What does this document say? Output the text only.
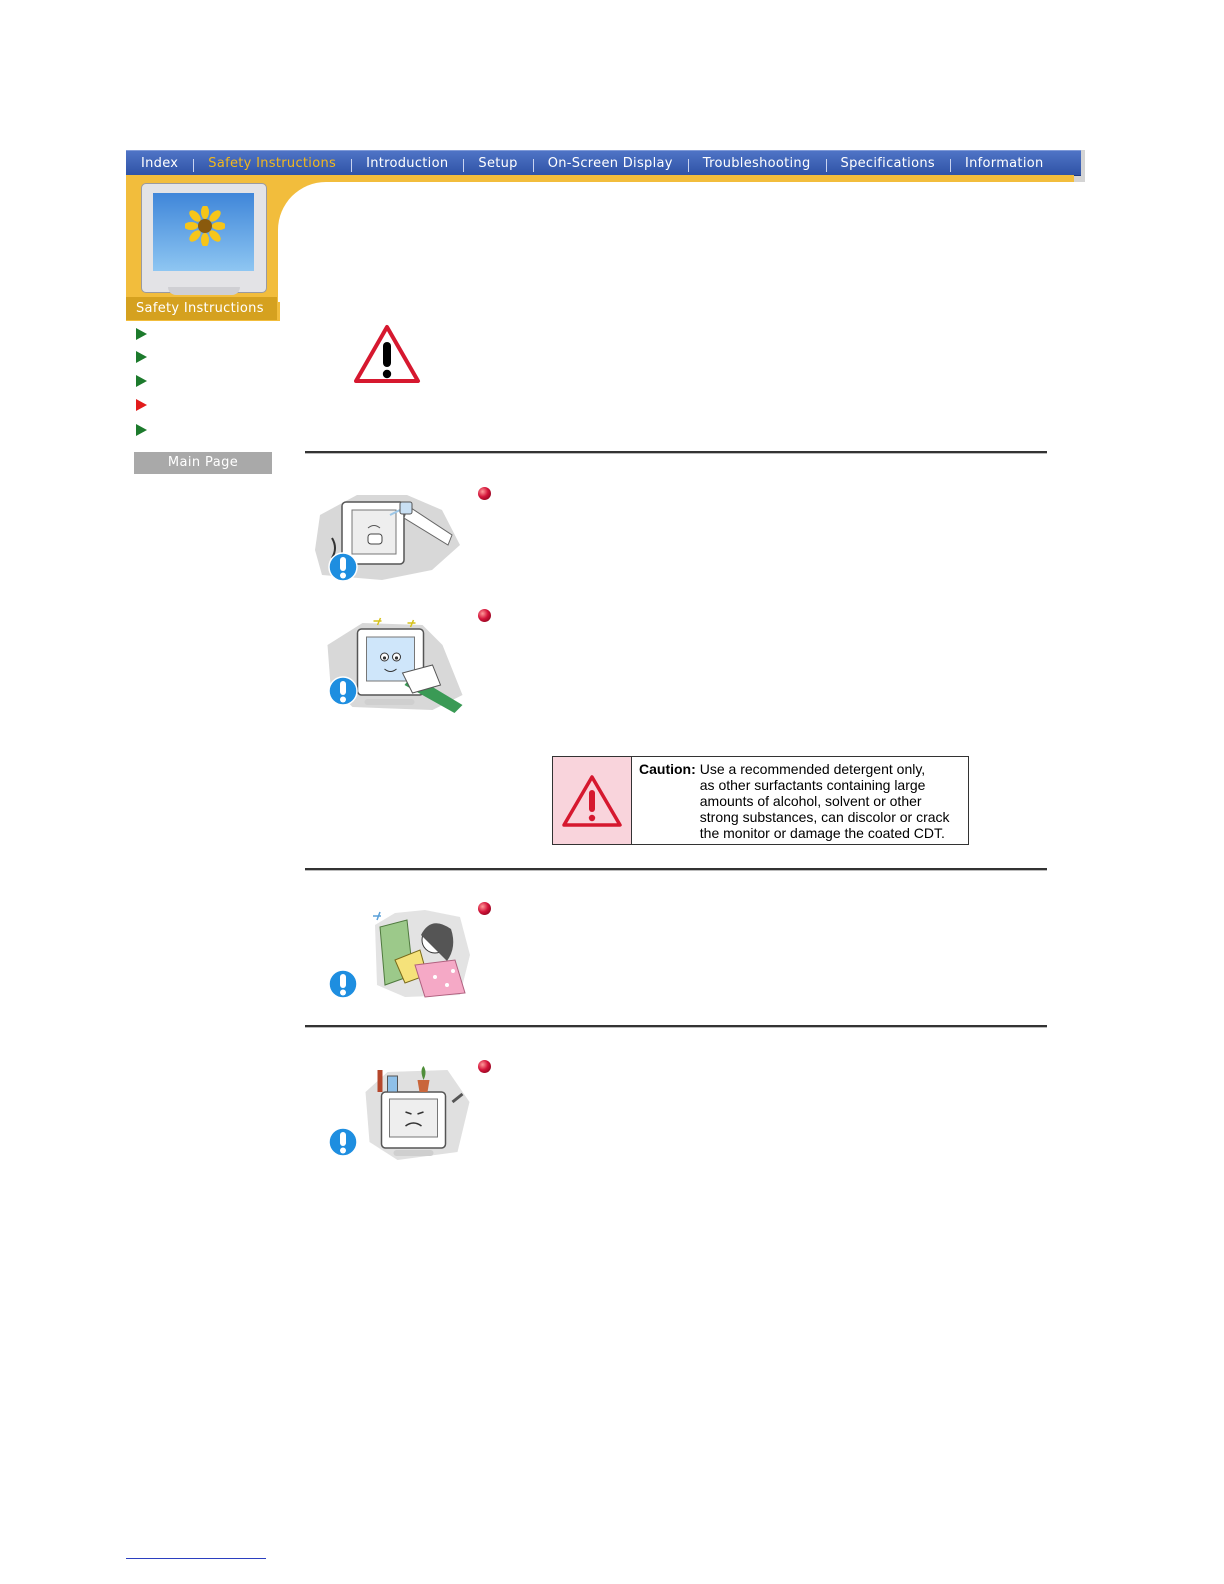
Index	Safety Instructions	Introduction	Setup	On-Screen Display	Troubleshooting	Specifications	Information
Safety Instructions
Main Page
Caution: Use a recommended detergent only,
as other surfactants containing large
amounts of alcohol, solvent or other
strong substances, can discolor or crack
the monitor or damage the coated CDT.
